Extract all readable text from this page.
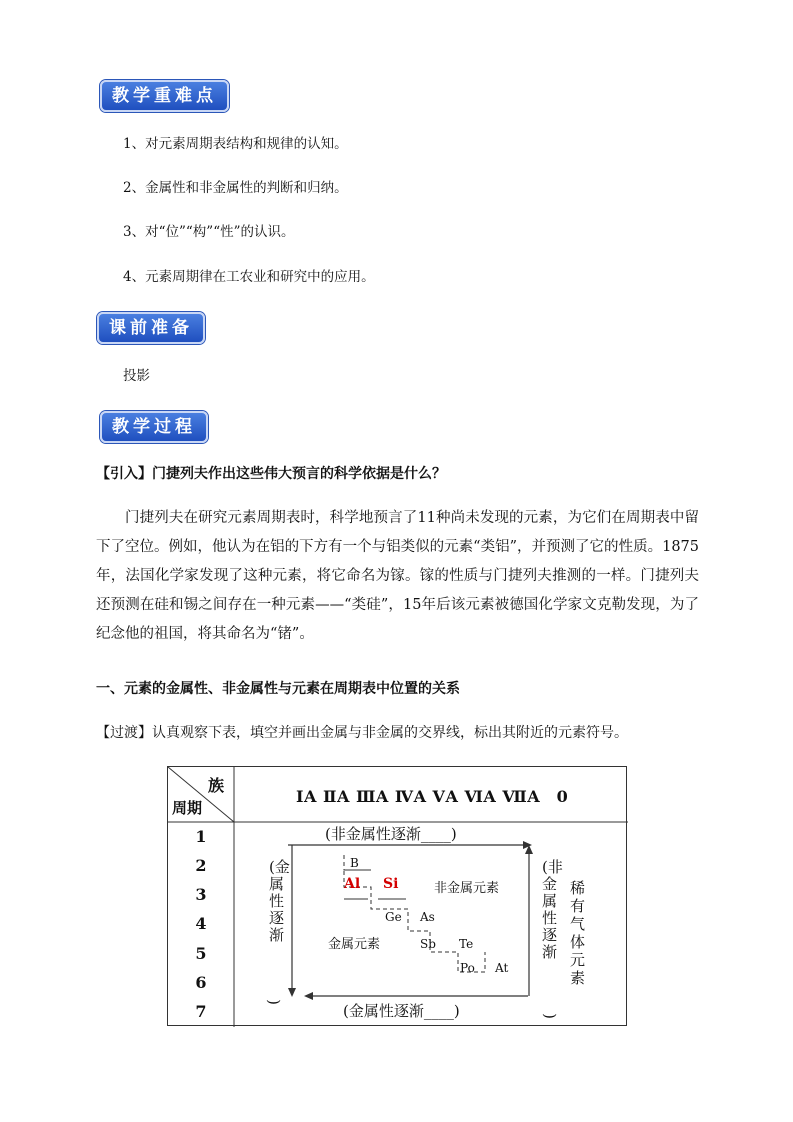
教学重难点
1、对元素周期表结构和规律的认知。
2、金属性和非金属性的判断和归纳。
3、对“位”“构”“性”的认识。
4、元素周期律在工农业和研究中的应用。
课前准备
投影
教学过程
【引入】门捷列夫作出这些伟大预言的科学依据是什么？
门捷列夫在研究元素周期表时，科学地预言了11种尚未发现的元素，为它们在周期表中留下了空位。例如，他认为在铝的下方有一个与铝类似的元素“类铝”，并预测了它的性质。1875年，法国化学家发现了这种元素，将它命名为镓。镓的性质与门捷列夫推测的一样。门捷列夫还预测在硅和锡之间存在一种元素——“类硅”，15年后该元素被德国化学家文克勒发现，为了纪念他的祖国，将其命名为“锗”。
一、元素的金属性、非金属性与元素在周期表中位置的关系
【过渡】认真观察下表，填空并画出金属与非金属的交界线，标出其附近的元素符号。
族
周期
ⅠA ⅡA ⅢA ⅣA ⅤA ⅥA ⅦA　0
1
2
3
4
5
6
7
(非金属性逐渐____)
(金属性逐渐____)
(金属性逐渐
)
(非金属性逐渐
)
稀有气体元素
非金属元素
金属元素
B
Al Si
Ge As
Sb Te
Po At
